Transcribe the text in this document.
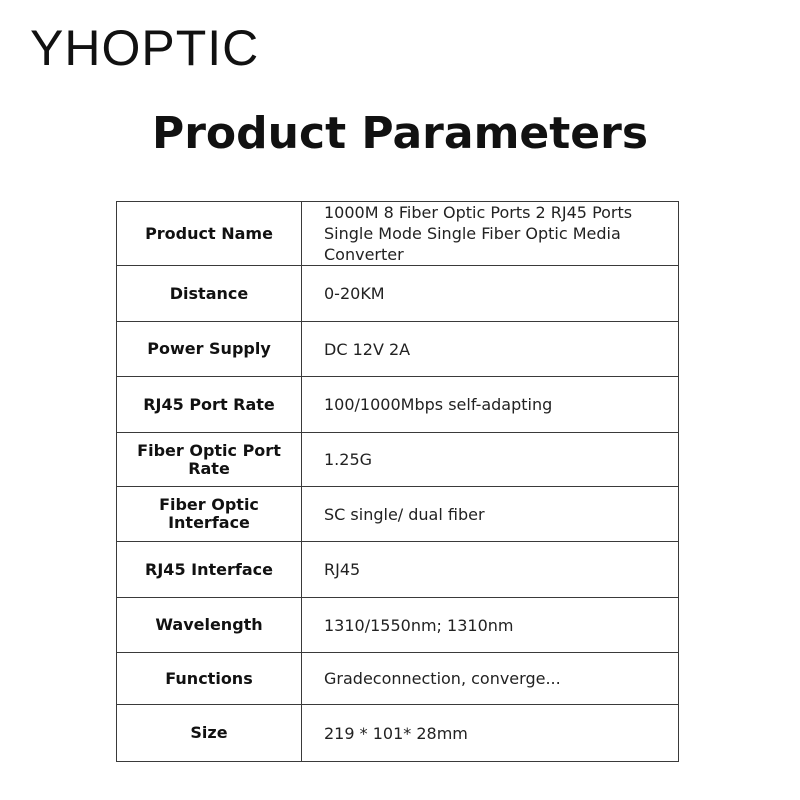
YHOPTIC
Product Parameters
Product Name	1000M 8 Fiber Optic Ports 2 RJ45 Ports Single Mode Single Fiber Optic Media Converter
Distance	0-20KM
Power Supply	DC 12V 2A
RJ45 Port Rate	100/1000Mbps self-adapting
Fiber Optic Port Rate	1.25G
Fiber Optic Interface	SC single/ dual fiber
RJ45 Interface	RJ45
Wavelength	1310/1550nm; 1310nm
Functions	Gradeconnection, converge...
Size	219 * 101* 28mm
